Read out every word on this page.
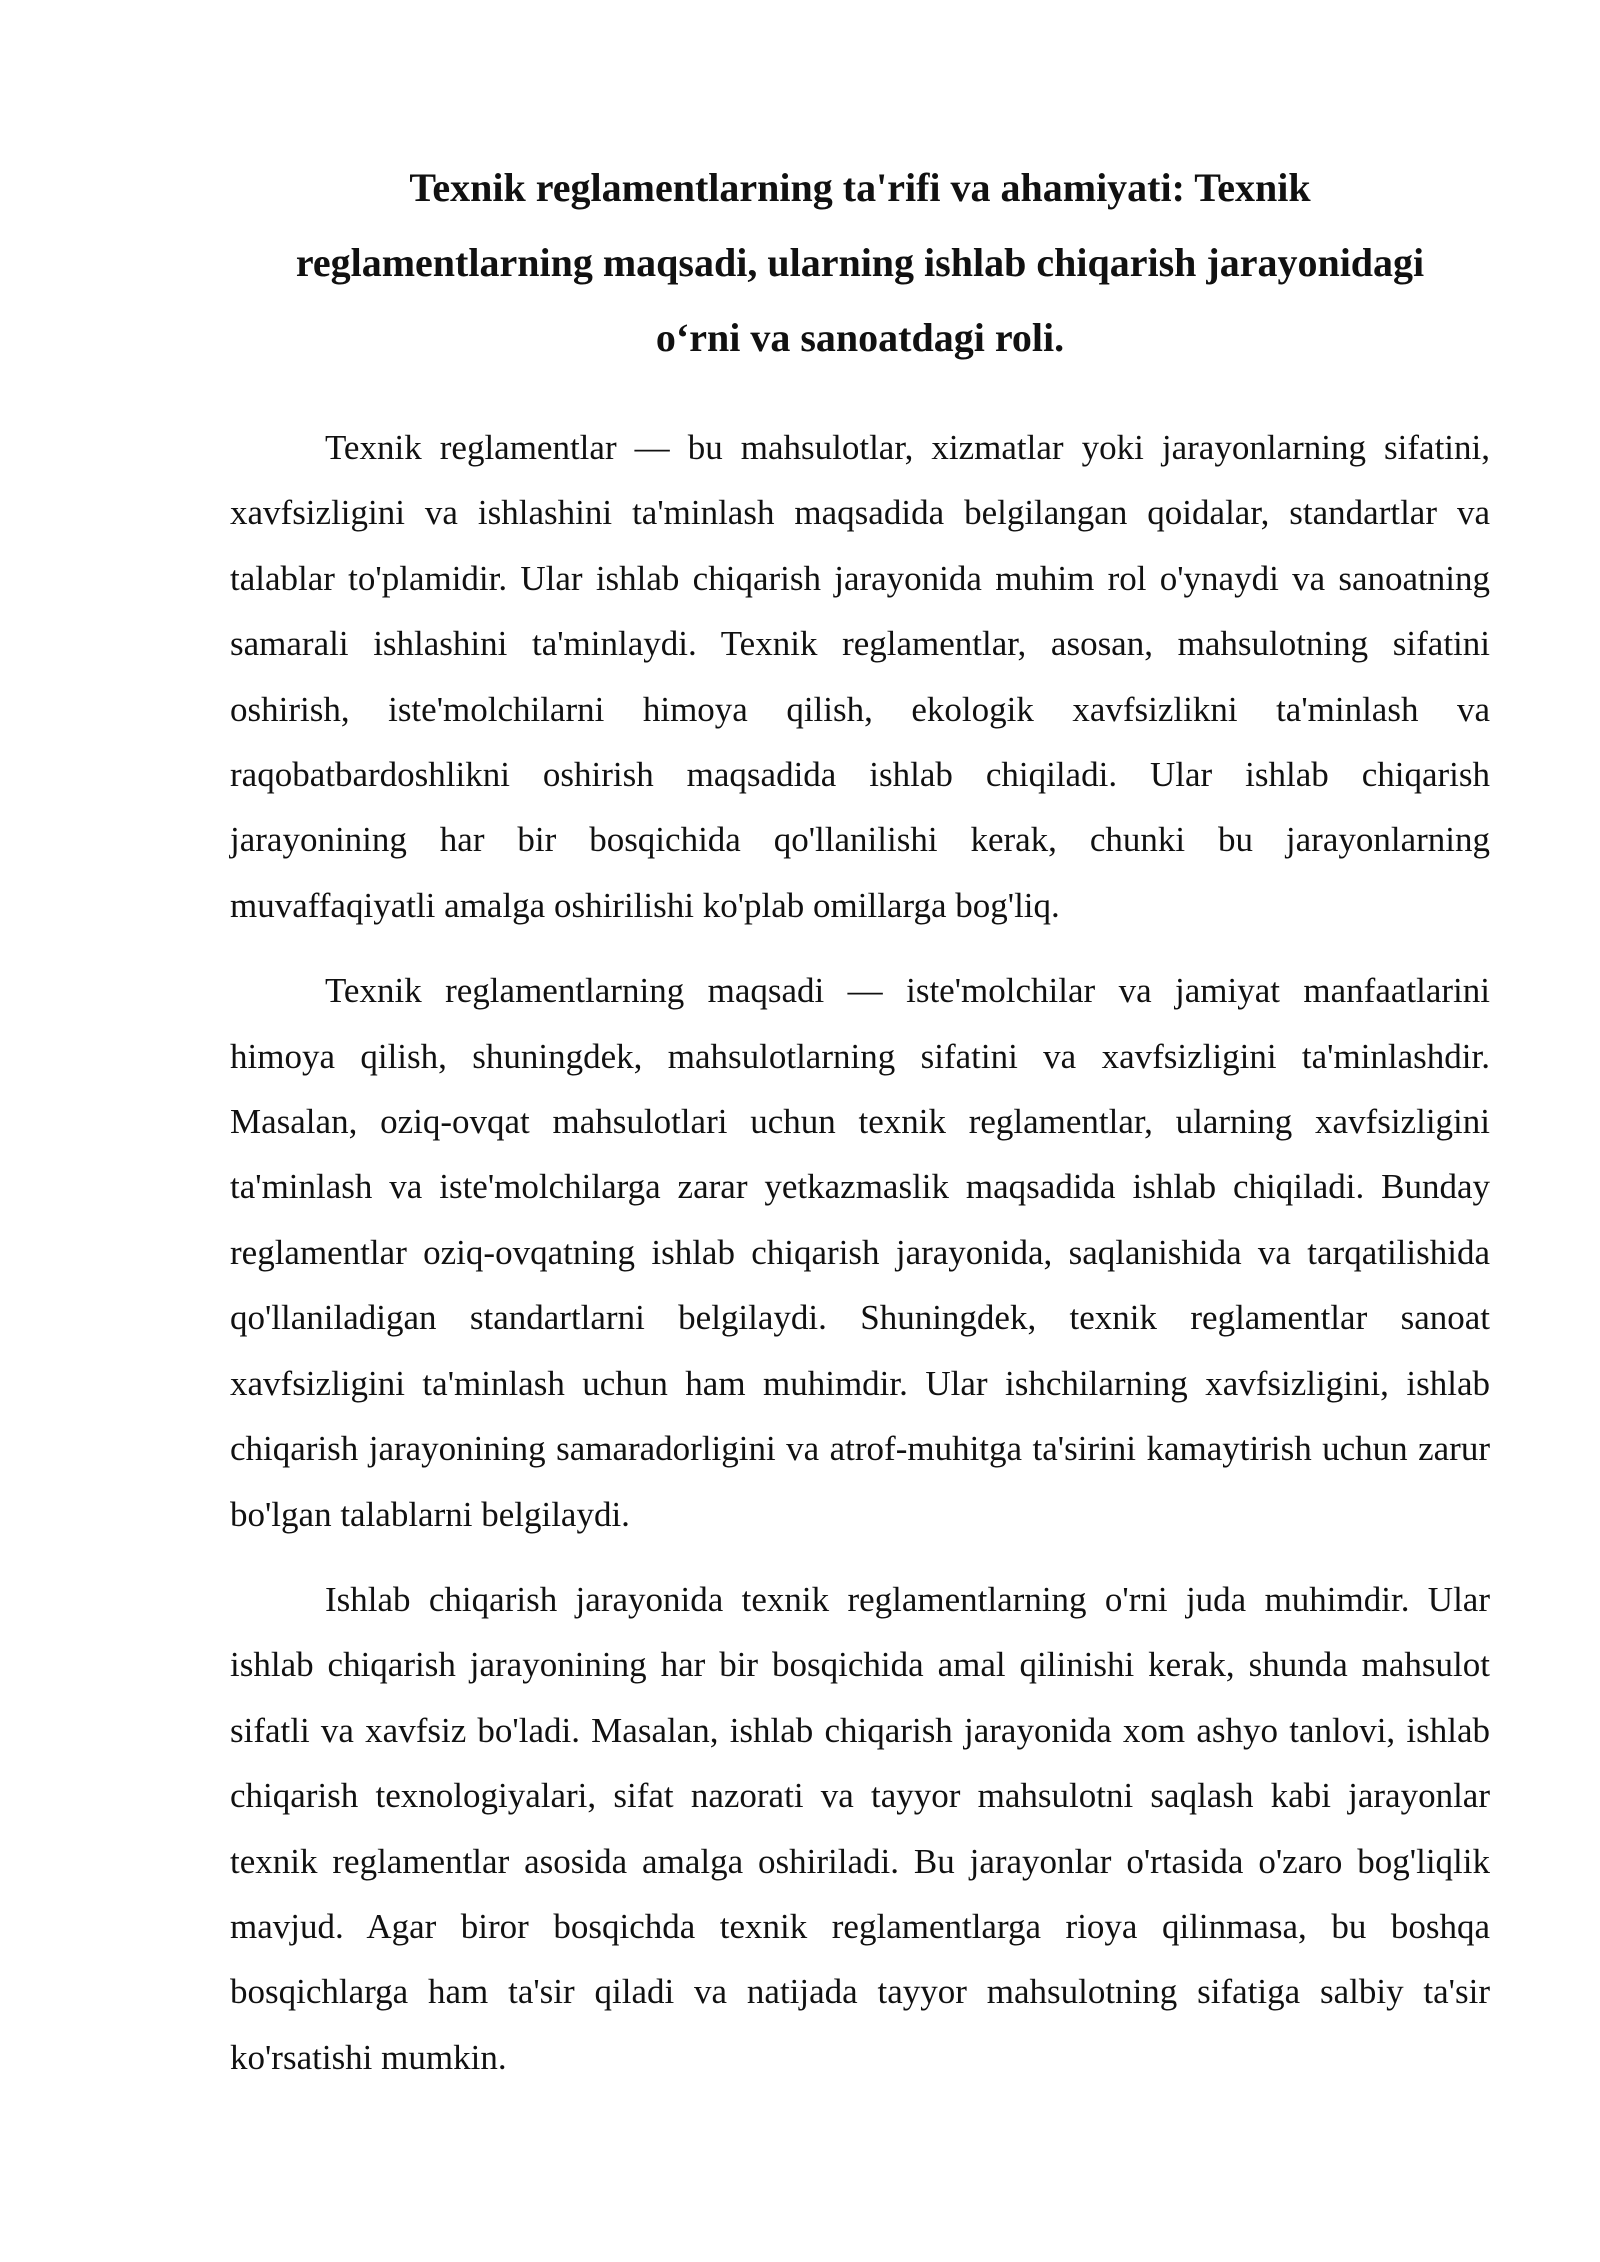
Texnik reglamentlarning ta'rifi va ahamiyati: Texnik reglamentlarning maqsadi, ularning ishlab chiqarish jarayonidagi o‘rni va sanoatdagi roli.

Texnik reglamentlar — bu mahsulotlar, xizmatlar yoki jarayonlarning sifatini, xavfsizligini va ishlashini ta'minlash maqsadida belgilangan qoidalar, standartlar va talablar to'plamidir. Ular ishlab chiqarish jarayonida muhim rol o'ynaydi va sanoatning samarali ishlashini ta'minlaydi. Texnik reglamentlar, asosan, mahsulotning sifatini oshirish, iste'molchilarni himoya qilish, ekologik xavfsizlikni ta'minlash va raqobatbardoshlikni oshirish maqsadida ishlab chiqiladi. Ular ishlab chiqarish jarayonining har bir bosqichida qo'llanilishi kerak, chunki bu jarayonlarning muvaffaqiyatli amalga oshirilishi ko'plab omillarga bog'liq.

Texnik reglamentlarning maqsadi — iste'molchilar va jamiyat manfaatlarini himoya qilish, shuningdek, mahsulotlarning sifatini va xavfsizligini ta'minlashdir. Masalan, oziq-ovqat mahsulotlari uchun texnik reglamentlar, ularning xavfsizligini ta'minlash va iste'molchilarga zarar yetkazmaslik maqsadida ishlab chiqiladi. Bunday reglamentlar oziq-ovqatning ishlab chiqarish jarayonida, saqlanishida va tarqatilishida qo'llaniladigan standartlarni belgilaydi. Shuningdek, texnik reglamentlar sanoat xavfsizligini ta'minlash uchun ham muhimdir. Ular ishchilarning xavfsizligini, ishlab chiqarish jarayonining samaradorligini va atrof-muhitga ta'sirini kamaytirish uchun zarur bo'lgan talablarni belgilaydi.

Ishlab chiqarish jarayonida texnik reglamentlarning o'rni juda muhimdir. Ular ishlab chiqarish jarayonining har bir bosqichida amal qilinishi kerak, shunda mahsulot sifatli va xavfsiz bo'ladi. Masalan, ishlab chiqarish jarayonida xom ashyo tanlovi, ishlab chiqarish texnologiyalari, sifat nazorati va tayyor mahsulotni saqlash kabi jarayonlar texnik reglamentlar asosida amalga oshiriladi. Bu jarayonlar o'rtasida o'zaro bog'liqlik mavjud. Agar biror bosqichda texnik reglamentlarga rioya qilinmasa, bu boshqa bosqichlarga ham ta'sir qiladi va natijada tayyor mahsulotning sifatiga salbiy ta'sir ko'rsatishi mumkin.
